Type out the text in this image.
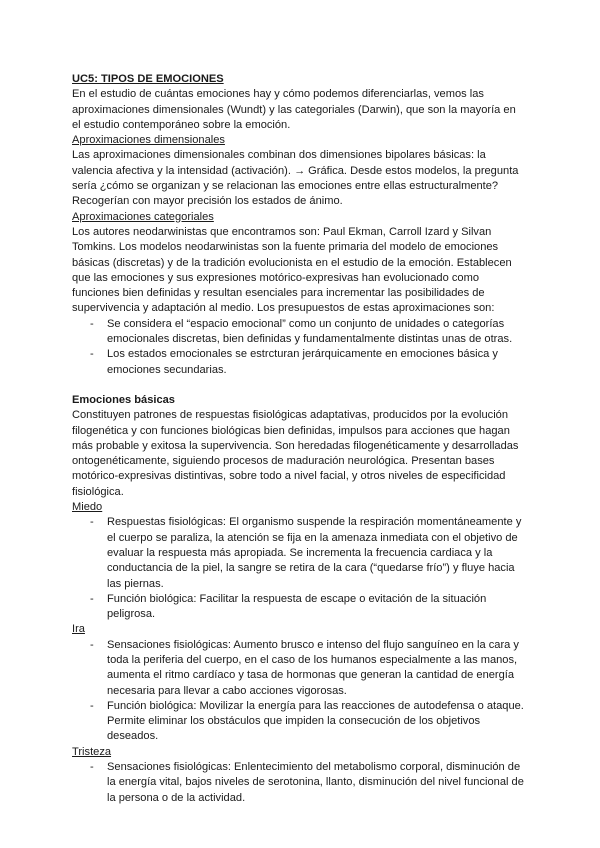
UC5: TIPOS DE EMOCIONES

En el estudio de cuántas emociones hay y cómo podemos diferenciarlas, vemos las aproximaciones dimensionales (Wundt) y las categoriales (Darwin), que son la mayoría en el estudio contemporáneo sobre la emoción.

Aproximaciones dimensionales

Las aproximaciones dimensionales combinan dos dimensiones bipolares básicas: la valencia afectiva y la intensidad (activación). → Gráfica. Desde estos modelos, la pregunta sería ¿cómo se organizan y se relacionan las emociones entre ellas estructuralmente? Recogerían con mayor precisión los estados de ánimo.

Aproximaciones categoriales

Los autores neodarwinistas que encontramos son: Paul Ekman, Carroll Izard y Silvan Tomkins. Los modelos neodarwinistas son la fuente primaria del modelo de emociones básicas (discretas) y de la tradición evolucionista en el estudio de la emoción. Establecen que las emociones y sus expresiones motórico-expresivas han evolucionado como funciones bien definidas y resultan esenciales para incrementar las posibilidades de supervivencia y adaptación al medio. Los presupuestos de estas aproximaciones son:

- Se considera el “espacio emocional” como un conjunto de unidades o categorías emocionales discretas, bien definidas y fundamentalmente distintas unas de otras.
- Los estados emocionales se estrcturan jerárquicamente en emociones básica y emociones secundarias.

Emociones básicas

Constituyen patrones de respuestas fisiológicas adaptativas, producidos por la evolución filogenética y con funciones biológicas bien definidas, impulsos para acciones que hagan más probable y exitosa la supervivencia. Son heredadas filogenéticamente y desarrolladas ontogenéticamente, siguiendo procesos de maduración neurológica. Presentan bases motórico-expresivas distintivas, sobre todo a nivel facial, y otros niveles de especificidad fisiológica.

Miedo

- Respuestas fisiológicas: El organismo suspende la respiración momentáneamente y el cuerpo se paraliza, la atención se fija en la amenaza inmediata con el objetivo de evaluar la respuesta más apropiada. Se incrementa la frecuencia cardiaca y la conductancia de la piel, la sangre se retira de la cara (“quedarse frío”) y fluye hacia las piernas.
- Función biológica: Facilitar la respuesta de escape o evitación de la situación peligrosa.

Ira

- Sensaciones fisiológicas: Aumento brusco e intenso del flujo sanguíneo en la cara y toda la periferia del cuerpo, en el caso de los humanos especialmente a las manos, aumenta el ritmo cardíaco y tasa de hormonas que generan la cantidad de energía necesaria para llevar a cabo acciones vigorosas.
- Función biológica: Movilizar la energía para las reacciones de autodefensa o ataque. Permite eliminar los obstáculos que impiden la consecución de los objetivos deseados.

Tristeza

- Sensaciones fisiológicas: Enlentecimiento del metabolismo corporal, disminución de la energía vital, bajos niveles de serotonina, llanto, disminución del nivel funcional de la persona o de la actividad.
